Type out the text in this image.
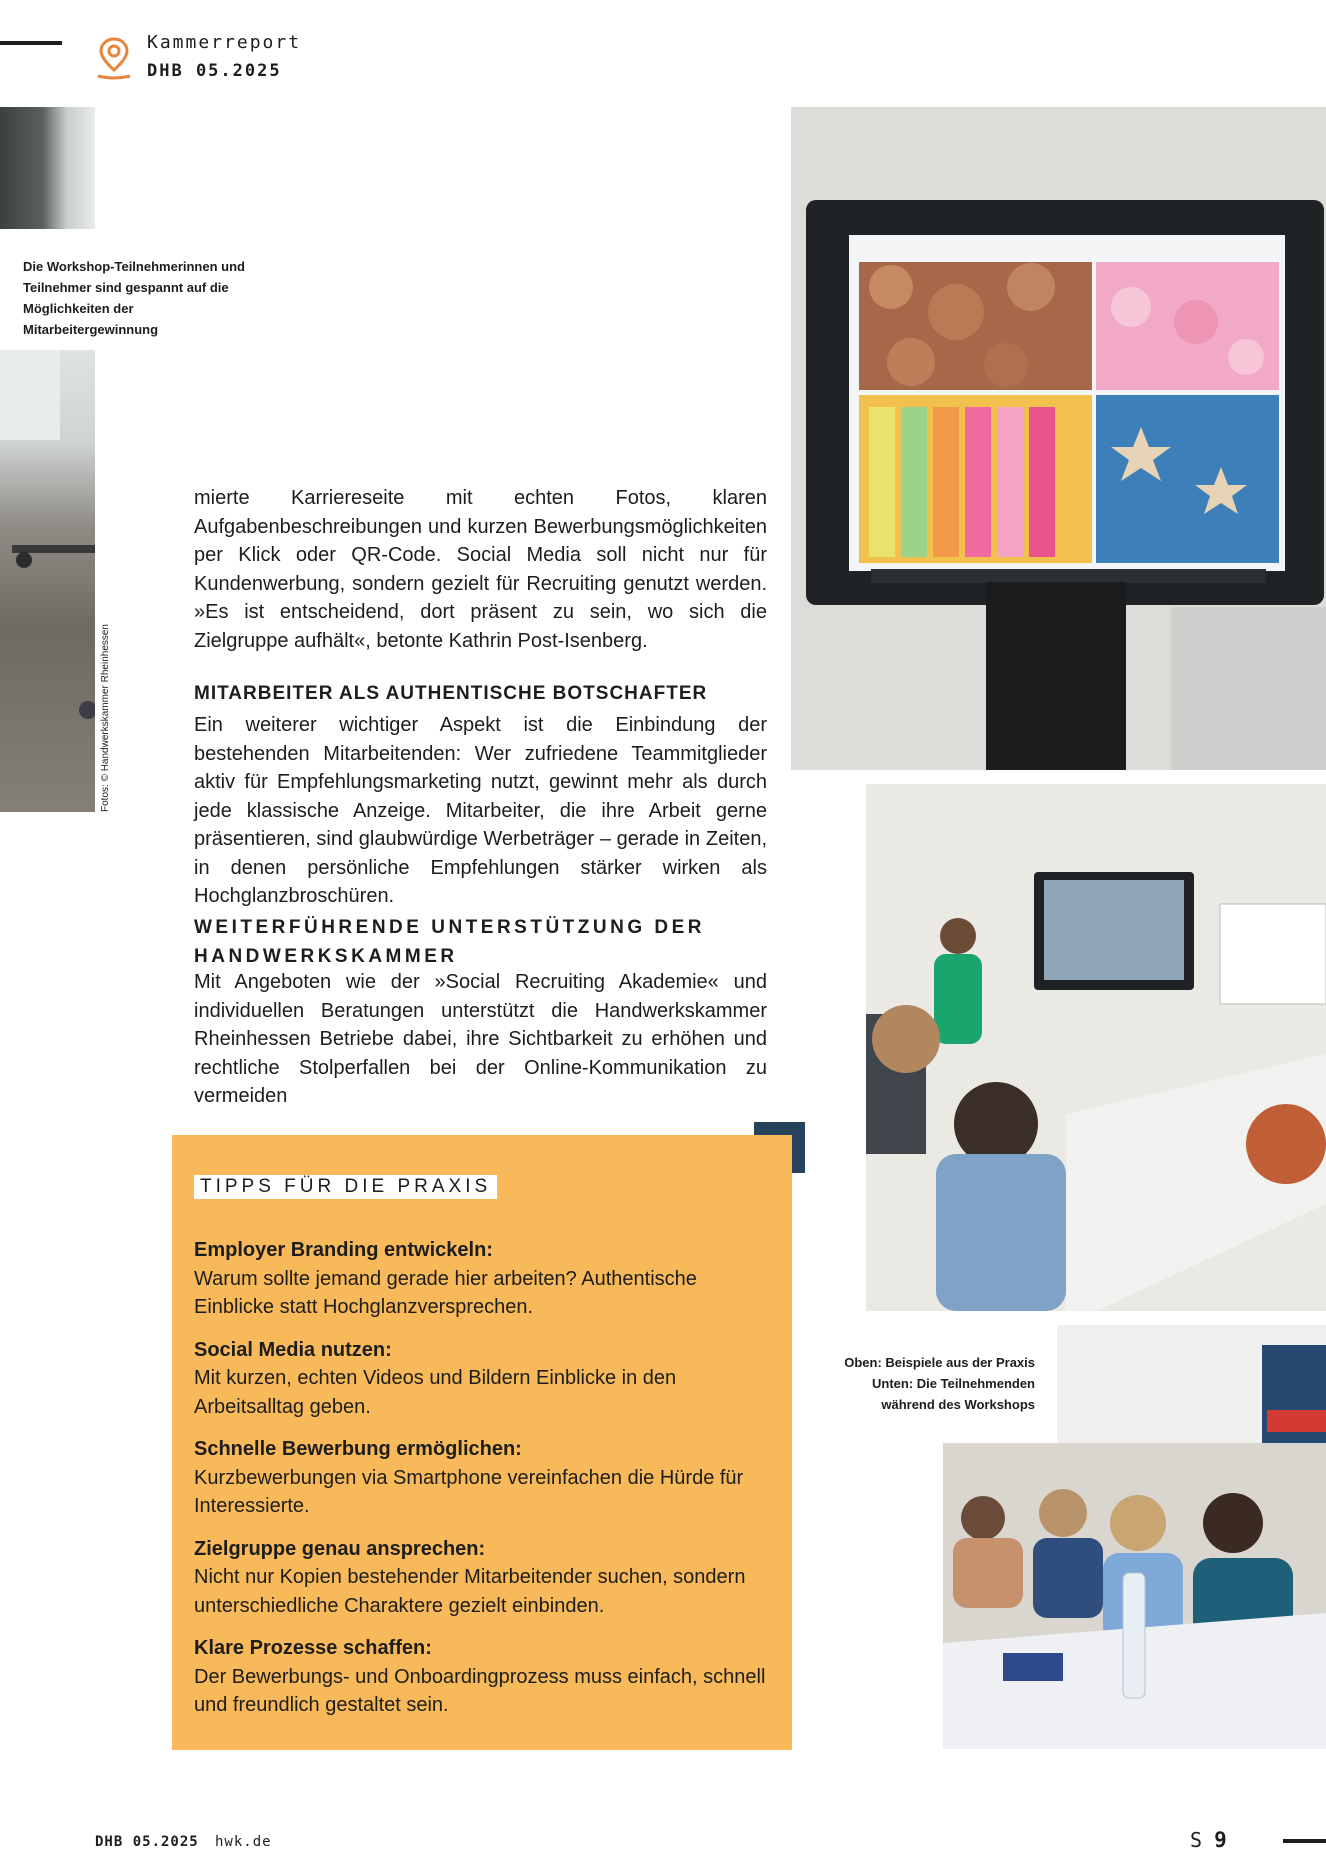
Kammerreport
DHB 05.2025
Die Workshop-Teilnehmerinnen und Teilnehmer sind gespannt auf die Möglichkeiten der Mitarbeitergewinnung
Oben: Beispiele aus der Praxis
Unten: Die Teilnehmenden
während des Workshops
Fotos: © Handwerkskammer Rheinhessen

mierte Karriereseite mit echten Fotos, klaren Aufgabenbeschreibungen und kurzen Bewerbungsmöglichkeiten per Klick oder QR-Code. Social Media soll nicht nur für Kundenwerbung, sondern gezielt für Recruiting genutzt werden. »Es ist entscheidend, dort präsent zu sein, wo sich die Zielgruppe aufhält«, betonte Kathrin Post-Isenberg.

MITARBEITER ALS AUTHENTISCHE BOTSCHAFTER

Ein weiterer wichtiger Aspekt ist die Einbindung der bestehenden Mitarbeitenden: Wer zufriedene Teammitglieder aktiv für Empfehlungsmarketing nutzt, gewinnt mehr als durch jede klassische Anzeige. Mitarbeiter, die ihre Arbeit gerne präsentieren, sind glaubwürdige Werbeträger – gerade in Zeiten, in denen persönliche Empfehlungen stärker wirken als Hochglanzbroschüren.

WEITERFÜHRENDE UNTERSTÜTZUNG DER
HANDWERKSKAMMER

Mit Angeboten wie der »Social Recruiting Akademie« und individuellen Beratungen unterstützt die Handwerkskammer Rheinhessen Betriebe dabei, ihre Sichtbarkeit zu erhöhen und rechtliche Stolperfallen bei der Online-Kommunikation zu vermeiden

TIPPS FÜR DIE PRAXIS
Employer Branding entwickeln:
Warum sollte jemand gerade hier arbeiten? Authentische Einblicke statt Hochglanzversprechen.
Social Media nutzen:
Mit kurzen, echten Videos und Bildern Einblicke in den Arbeitsalltag geben.
Schnelle Bewerbung ermöglichen:
Kurzbewerbungen via Smartphone vereinfachen die Hürde für Interessierte.
Zielgruppe genau ansprechen:
Nicht nur Kopien bestehender Mitarbeitender suchen, sondern unterschiedliche Charaktere gezielt einbinden.
Klare Prozesse schaffen:
Der Bewerbungs- und Onboardingprozess muss einfach, schnell und freundlich gestaltet sein.
DHB 05.2025 hwk.de	S 9
